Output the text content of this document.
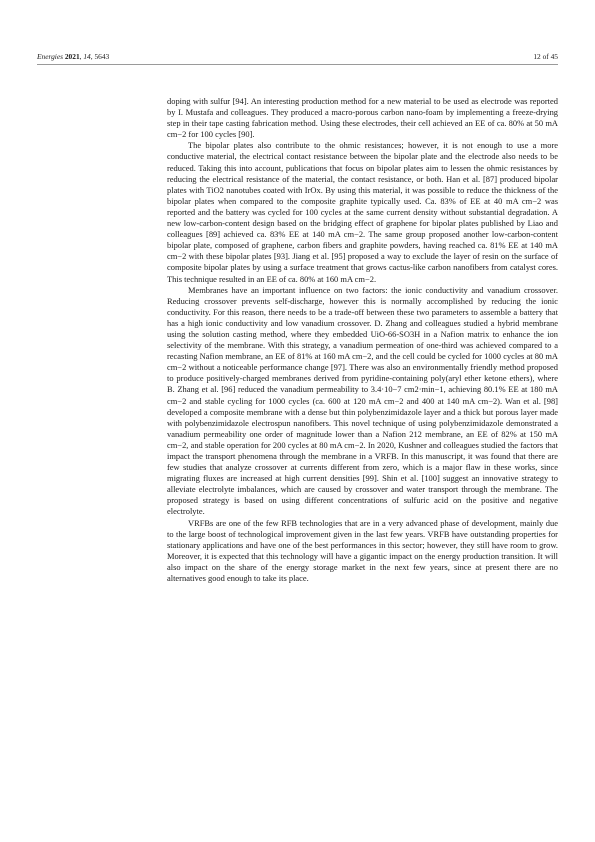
Energies 2021, 14, 5643	12 of 45

doping with sulfur [94]. An interesting production method for a new material to be used as electrode was reported by I. Mustafa and colleagues. They produced a macro-porous carbon nano-foam by implementing a freeze-drying step in their tape casting fabrication method. Using these electrodes, their cell achieved an EE of ca. 80% at 50 mA cm−2 for 100 cycles [90].

The bipolar plates also contribute to the ohmic resistances; however, it is not enough to use a more conductive material, the electrical contact resistance between the bipolar plate and the electrode also needs to be reduced. Taking this into account, publications that focus on bipolar plates aim to lessen the ohmic resistances by reducing the electrical resistance of the material, the contact resistance, or both. Han et al. [87] produced bipolar plates with TiO2 nanotubes coated with IrOx. By using this material, it was possible to reduce the thickness of the bipolar plates when compared to the composite graphite typically used. Ca. 83% of EE at 40 mA cm−2 was reported and the battery was cycled for 100 cycles at the same current density without substantial degradation. A new low-carbon-content design based on the bridging effect of graphene for bipolar plates published by Liao and colleagues [89] achieved ca. 83% EE at 140 mA cm−2. The same group proposed another low-carbon-content bipolar plate, composed of graphene, carbon fibers and graphite powders, having reached ca. 81% EE at 140 mA cm−2 with these bipolar plates [93]. Jiang et al. [95] proposed a way to exclude the layer of resin on the surface of composite bipolar plates by using a surface treatment that grows cactus-like carbon nanofibers from catalyst cores. This technique resulted in an EE of ca. 80% at 160 mA cm−2.

Membranes have an important influence on two factors: the ionic conductivity and vanadium crossover. Reducing crossover prevents self-discharge, however this is normally accomplished by reducing the ionic conductivity. For this reason, there needs to be a trade-off between these two parameters to assemble a battery that has a high ionic conductivity and low vanadium crossover. D. Zhang and colleagues studied a hybrid membrane using the solution casting method, where they embedded UiO-66-SO3H in a Nafion matrix to enhance the ion selectivity of the membrane. With this strategy, a vanadium permeation of one-third was achieved compared to a recasting Nafion membrane, an EE of 81% at 160 mA cm−2, and the cell could be cycled for 1000 cycles at 80 mA cm−2 without a noticeable performance change [97]. There was also an environmentally friendly method proposed to produce positively-charged membranes derived from pyridine-containing poly(aryl ether ketone ethers), where B. Zhang et al. [96] reduced the vanadium permeability to 3.4·10−7 cm2·min−1, achieving 80.1% EE at 180 mA cm−2 and stable cycling for 1000 cycles (ca. 600 at 120 mA cm−2 and 400 at 140 mA cm−2). Wan et al. [98] developed a composite membrane with a dense but thin polybenzimidazole layer and a thick but porous layer made with polybenzimidazole electrospun nanofibers. This novel technique of using polybenzimidazole demonstrated a vanadium permeability one order of magnitude lower than a Nafion 212 membrane, an EE of 82% at 150 mA cm−2, and stable operation for 200 cycles at 80 mA cm−2. In 2020, Kushner and colleagues studied the factors that impact the transport phenomena through the membrane in a VRFB. In this manuscript, it was found that there are few studies that analyze crossover at currents different from zero, which is a major flaw in these works, since migrating fluxes are increased at high current densities [99]. Shin et al. [100] suggest an innovative strategy to alleviate electrolyte imbalances, which are caused by crossover and water transport through the membrane. The proposed strategy is based on using different concentrations of sulfuric acid on the positive and negative electrolyte.

VRFBs are one of the few RFB technologies that are in a very advanced phase of development, mainly due to the large boost of technological improvement given in the last few years. VRFB have outstanding properties for stationary applications and have one of the best performances in this sector; however, they still have room to grow. Moreover, it is expected that this technology will have a gigantic impact on the energy production transition. It will also impact on the share of the energy storage market in the next few years, since at present there are no alternatives good enough to take its place.
